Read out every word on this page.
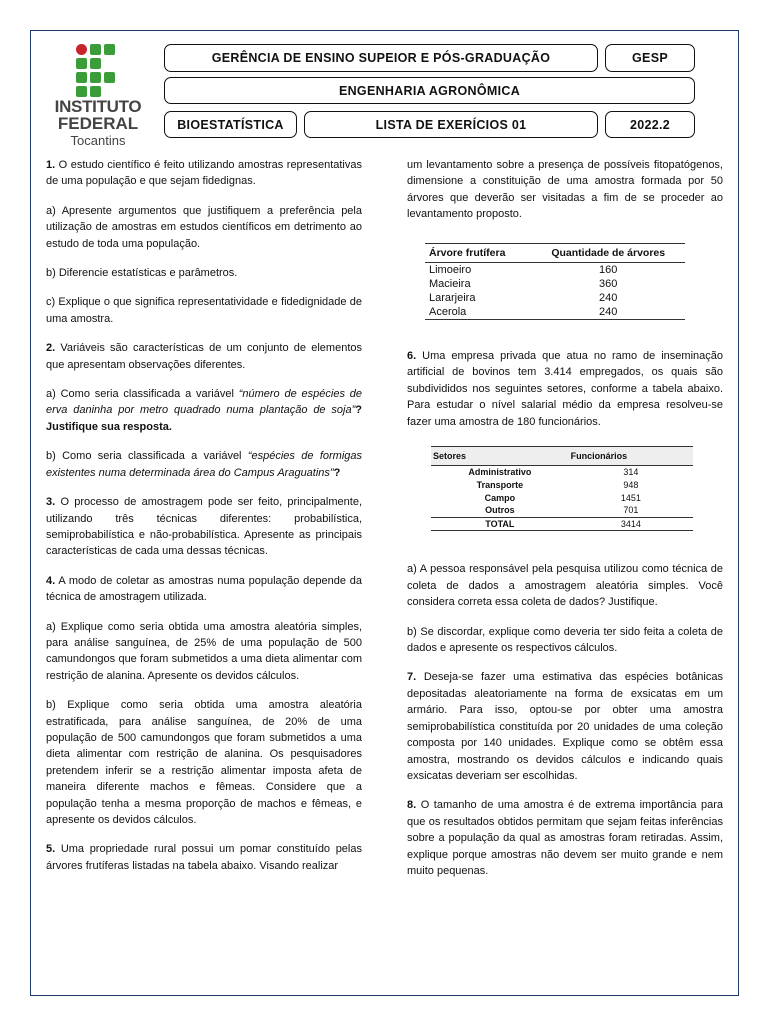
INSTITUTO
FEDERAL
Tocantins
GERÊNCIA DE ENSINO SUPEIOR E PÓS-GRADUAÇÃO	GESP
ENGENHARIA AGRONÔMICA
BIOESTATÍSTICA	LISTA DE EXERÍCIOS 01	2022.2

1. O estudo científico é feito utilizando amostras representativas de uma população e que sejam fidedignas.

a) Apresente argumentos que justifiquem a preferência pela utilização de amostras em estudos científicos em detrimento ao estudo de toda uma população.

b) Diferencie estatísticas e parâmetros.

c) Explique o que significa representatividade e fidedignidade de uma amostra.

2. Variáveis são características de um conjunto de elementos que apresentam observações diferentes.

a) Como seria classificada a variável “número de espécies de erva daninha por metro quadrado numa plantação de soja”? Justifique sua resposta.

b) Como seria classificada a variável “espécies de formigas existentes numa determinada área do Campus Araguatins”?

3. O processo de amostragem pode ser feito, principalmente, utilizando três técnicas diferentes: probabilística, semiprobabilística e não-probabilística. Apresente as principais características de cada uma dessas técnicas.

4. A modo de coletar as amostras numa população depende da técnica de amostragem utilizada.

a) Explique como seria obtida uma amostra aleatória simples, para análise sanguínea, de 25% de uma população de 500 camundongos que foram submetidos a uma dieta alimentar com restrição de alanina. Apresente os devidos cálculos.

b) Explique como seria obtida uma amostra aleatória estratificada, para análise sanguínea, de 20% de uma população de 500 camundongos que foram submetidos a uma dieta alimentar com restrição de alanina. Os pesquisadores pretendem inferir se a restrição alimentar imposta afeta de maneira diferente machos e fêmeas. Considere que a população tenha a mesma proporção de machos e fêmeas, e apresente os devidos cálculos.

5. Uma propriedade rural possui um pomar constituído pelas árvores frutíferas listadas na tabela abaixo. Visando realizar

um levantamento sobre a presença de possíveis fitopatógenos, dimensione a constituição de uma amostra formada por 50 árvores que deverão ser visitadas a fim de se proceder ao levantamento proposto.

Árvore frutífera	Quantidade de árvores
Limoeiro	160
Macieira	360
Lararjeira	240
Acerola	240

6. Uma empresa privada que atua no ramo de inseminação artificial de bovinos tem 3.414 empregados, os quais são subdivididos nos seguintes setores, conforme a tabela abaixo. Para estudar o nível salarial médio da empresa resolveu-se fazer uma amostra de 180 funcionários.

Setores	Funcionários
Administrativo	314
Transporte	948
Campo	1451
Outros	701
TOTAL	3414

a) A pessoa responsável pela pesquisa utilizou como técnica de coleta de dados a amostragem aleatória simples. Você considera correta essa coleta de dados? Justifique.

b) Se discordar, explique como deveria ter sido feita a coleta de dados e apresente os respectivos cálculos.

7. Deseja-se fazer uma estimativa das espécies botânicas depositadas aleatoriamente na forma de exsicatas em um armário. Para isso, optou-se por obter uma amostra semiprobabilística constituída por 20 unidades de uma coleção composta por 140 unidades. Explique como se obtêm essa amostra, mostrando os devidos cálculos e indicando quais exsicatas deveriam ser escolhidas.

8. O tamanho de uma amostra é de extrema importância para que os resultados obtidos permitam que sejam feitas inferências sobre a população da qual as amostras foram retiradas. Assim, explique porque amostras não devem ser muito grande e nem muito pequenas.
